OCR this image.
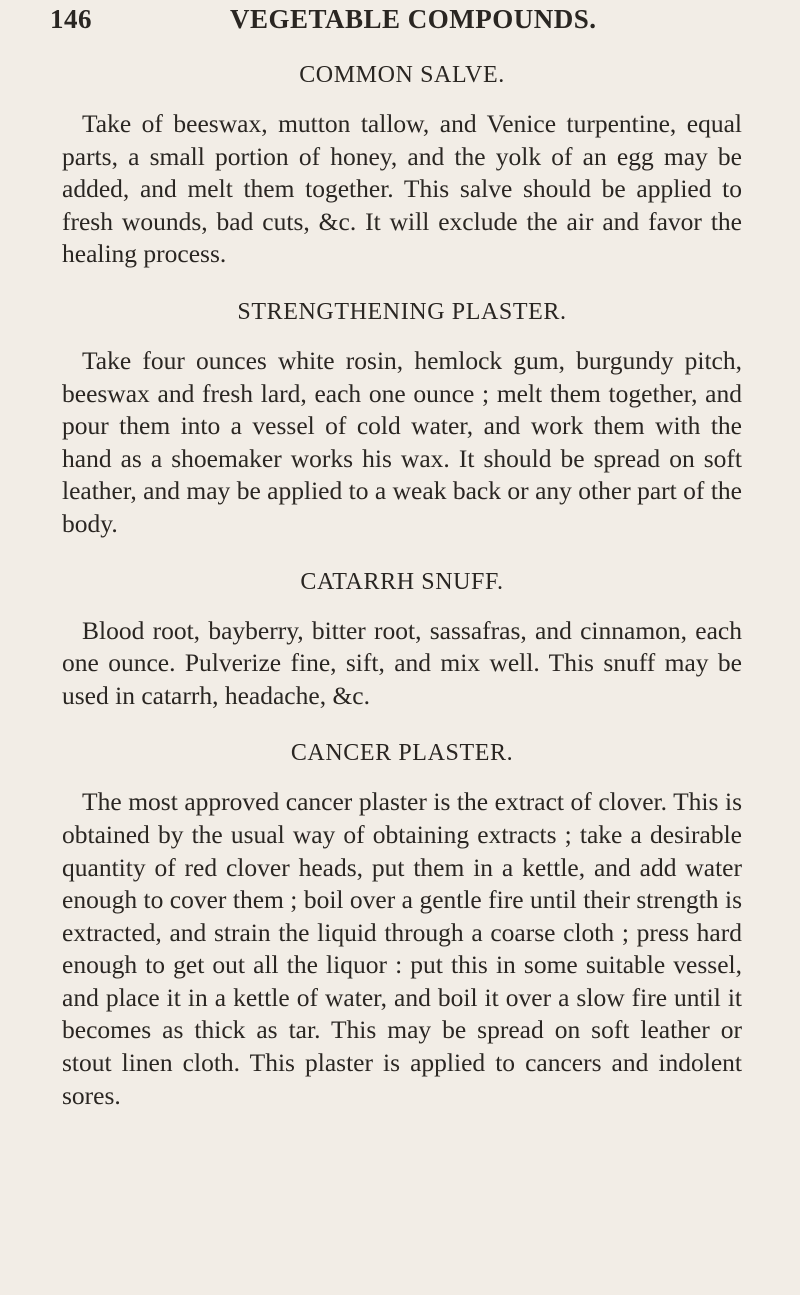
146	VEGETABLE COMPOUNDS.
COMMON SALVE.

Take of beeswax, mutton tallow, and Venice turpentine, equal parts, a small portion of honey, and the yolk of an egg may be added, and melt them together. This salve should be applied to fresh wounds, bad cuts, &c. It will exclude the air and favor the healing process.

STRENGTHENING PLASTER.

Take four ounces white rosin, hemlock gum, burgundy pitch, beeswax and fresh lard, each one ounce ; melt them together, and pour them into a vessel of cold water, and work them with the hand as a shoemaker works his wax. It should be spread on soft leather, and may be applied to a weak back or any other part of the body.

CATARRH SNUFF.

Blood root, bayberry, bitter root, sassafras, and cinnamon, each one ounce. Pulverize fine, sift, and mix well. This snuff may be used in catarrh, headache, &c.

CANCER PLASTER.

The most approved cancer plaster is the extract of clover. This is obtained by the usual way of obtaining extracts ; take a desirable quantity of red clover heads, put them in a kettle, and add water enough to cover them ; boil over a gentle fire until their strength is extracted, and strain the liquid through a coarse cloth ; press hard enough to get out all the liquor : put this in some suitable vessel, and place it in a kettle of water, and boil it over a slow fire until it becomes as thick as tar. This may be spread on soft leather or stout linen cloth. This plaster is applied to cancers and indolent sores.
